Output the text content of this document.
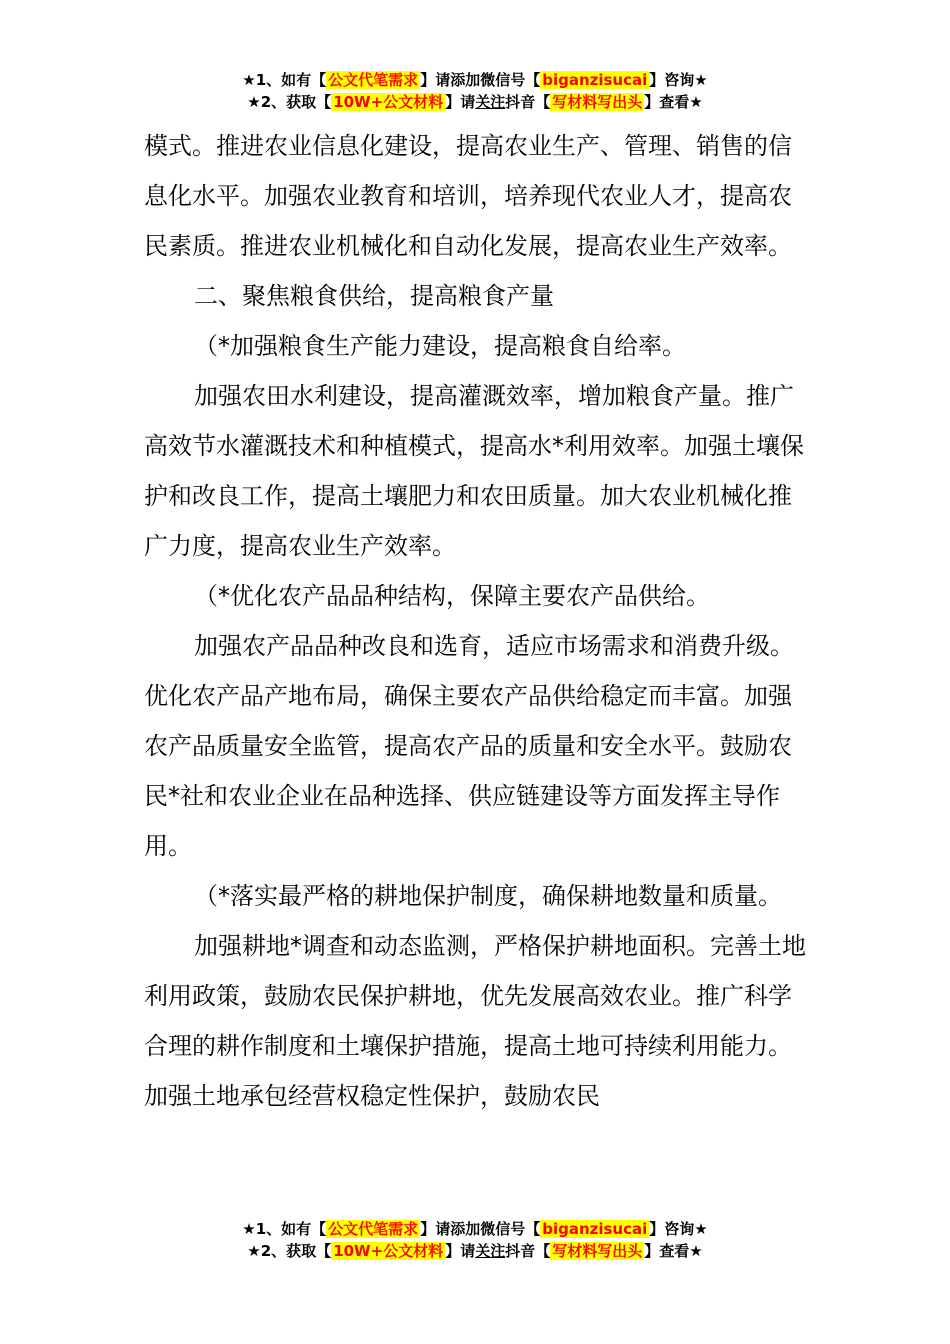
★1、如有【 公文代笔需求 】请添加微信号【 biganzisucai 】咨询★
★2、获取【 10W+公文材料 】请关注抖音【 写材料写出头 】查看★

模式。推进农业信息化建设，提高农业生产、管理、销售的信息化水平。加强农业教育和培训，培养现代农业人才，提高农民素质。推进农业机械化和自动化发展，提高农业生产效率。

二、聚焦粮食供给，提高粮食产量

（*加强粮食生产能力建设，提高粮食自给率。

加强农田水利建设，提高灌溉效率，增加粮食产量。推广高效节水灌溉技术和种植模式，提高水*利用效率。加强土壤保护和改良工作，提高土壤肥力和农田质量。加大农业机械化推广力度，提高农业生产效率。

（*优化农产品品种结构，保障主要农产品供给。

加强农产品品种改良和选育，适应市场需求和消费升级。优化农产品产地布局，确保主要农产品供给稳定而丰富。加强农产品质量安全监管，提高农产品的质量和安全水平。鼓励农民*社和农业企业在品种选择、供应链建设等方面发挥主导作用。

（*落实最严格的耕地保护制度，确保耕地数量和质量。

加强耕地*调查和动态监测，严格保护耕地面积。完善土地利用政策，鼓励农民保护耕地，优先发展高效农业。推广科学合理的耕作制度和土壤保护措施，提高土地可持续利用能力。加强土地承包经营权稳定性保护，鼓励农民

★1、如有【 公文代笔需求 】请添加微信号【 biganzisucai 】咨询★
★2、获取【 10W+公文材料 】请关注抖音【 写材料写出头 】查看★
